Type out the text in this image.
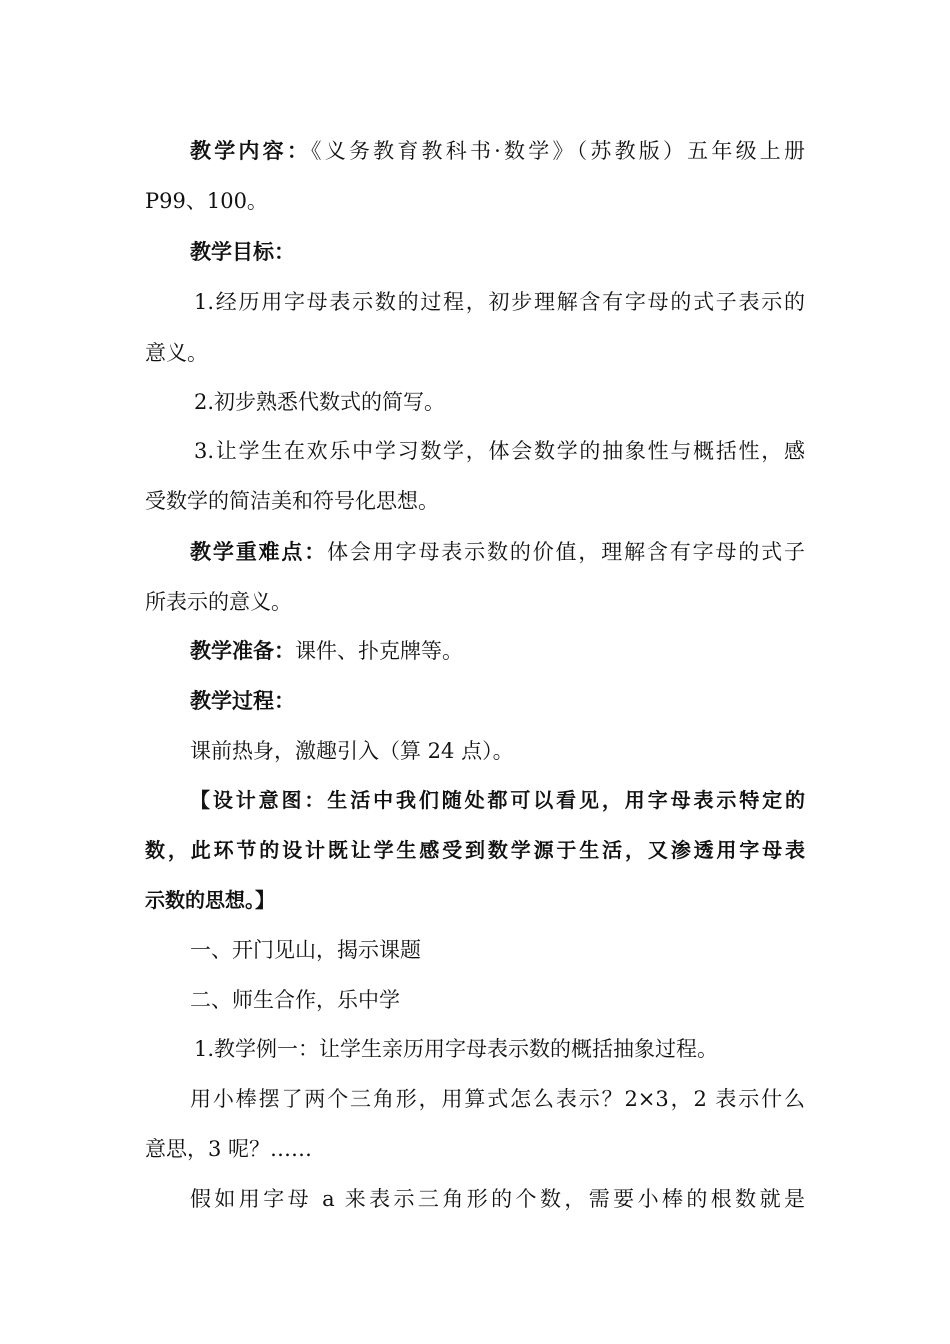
教学内容：《义务教育教科书·数学》（苏教版）五年级上册
P99、100。
教学目标：
1.经历用字母表示数的过程，初步理解含有字母的式子表示的
意义。
2.初步熟悉代数式的简写。
3.让学生在欢乐中学习数学，体会数学的抽象性与概括性，感
受数学的简洁美和符号化思想。
教学重难点：体会用字母表示数的价值，理解含有字母的式子
所表示的意义。
教学准备：课件、扑克牌等。
教学过程：
课前热身，激趣引入（算 24 点）。
【设计意图：生活中我们随处都可以看见，用字母表示特定的
数，此环节的设计既让学生感受到数学源于生活，又渗透用字母表
示数的思想。】
一、开门见山，揭示课题
二、师生合作，乐中学
1.教学例一：让学生亲历用字母表示数的概括抽象过程。
用小棒摆了两个三角形，用算式怎么表示？2×3，2 表示什么
意思，3 呢？……
假如用字母 a 来表示三角形的个数，需要小棒的根数就是
